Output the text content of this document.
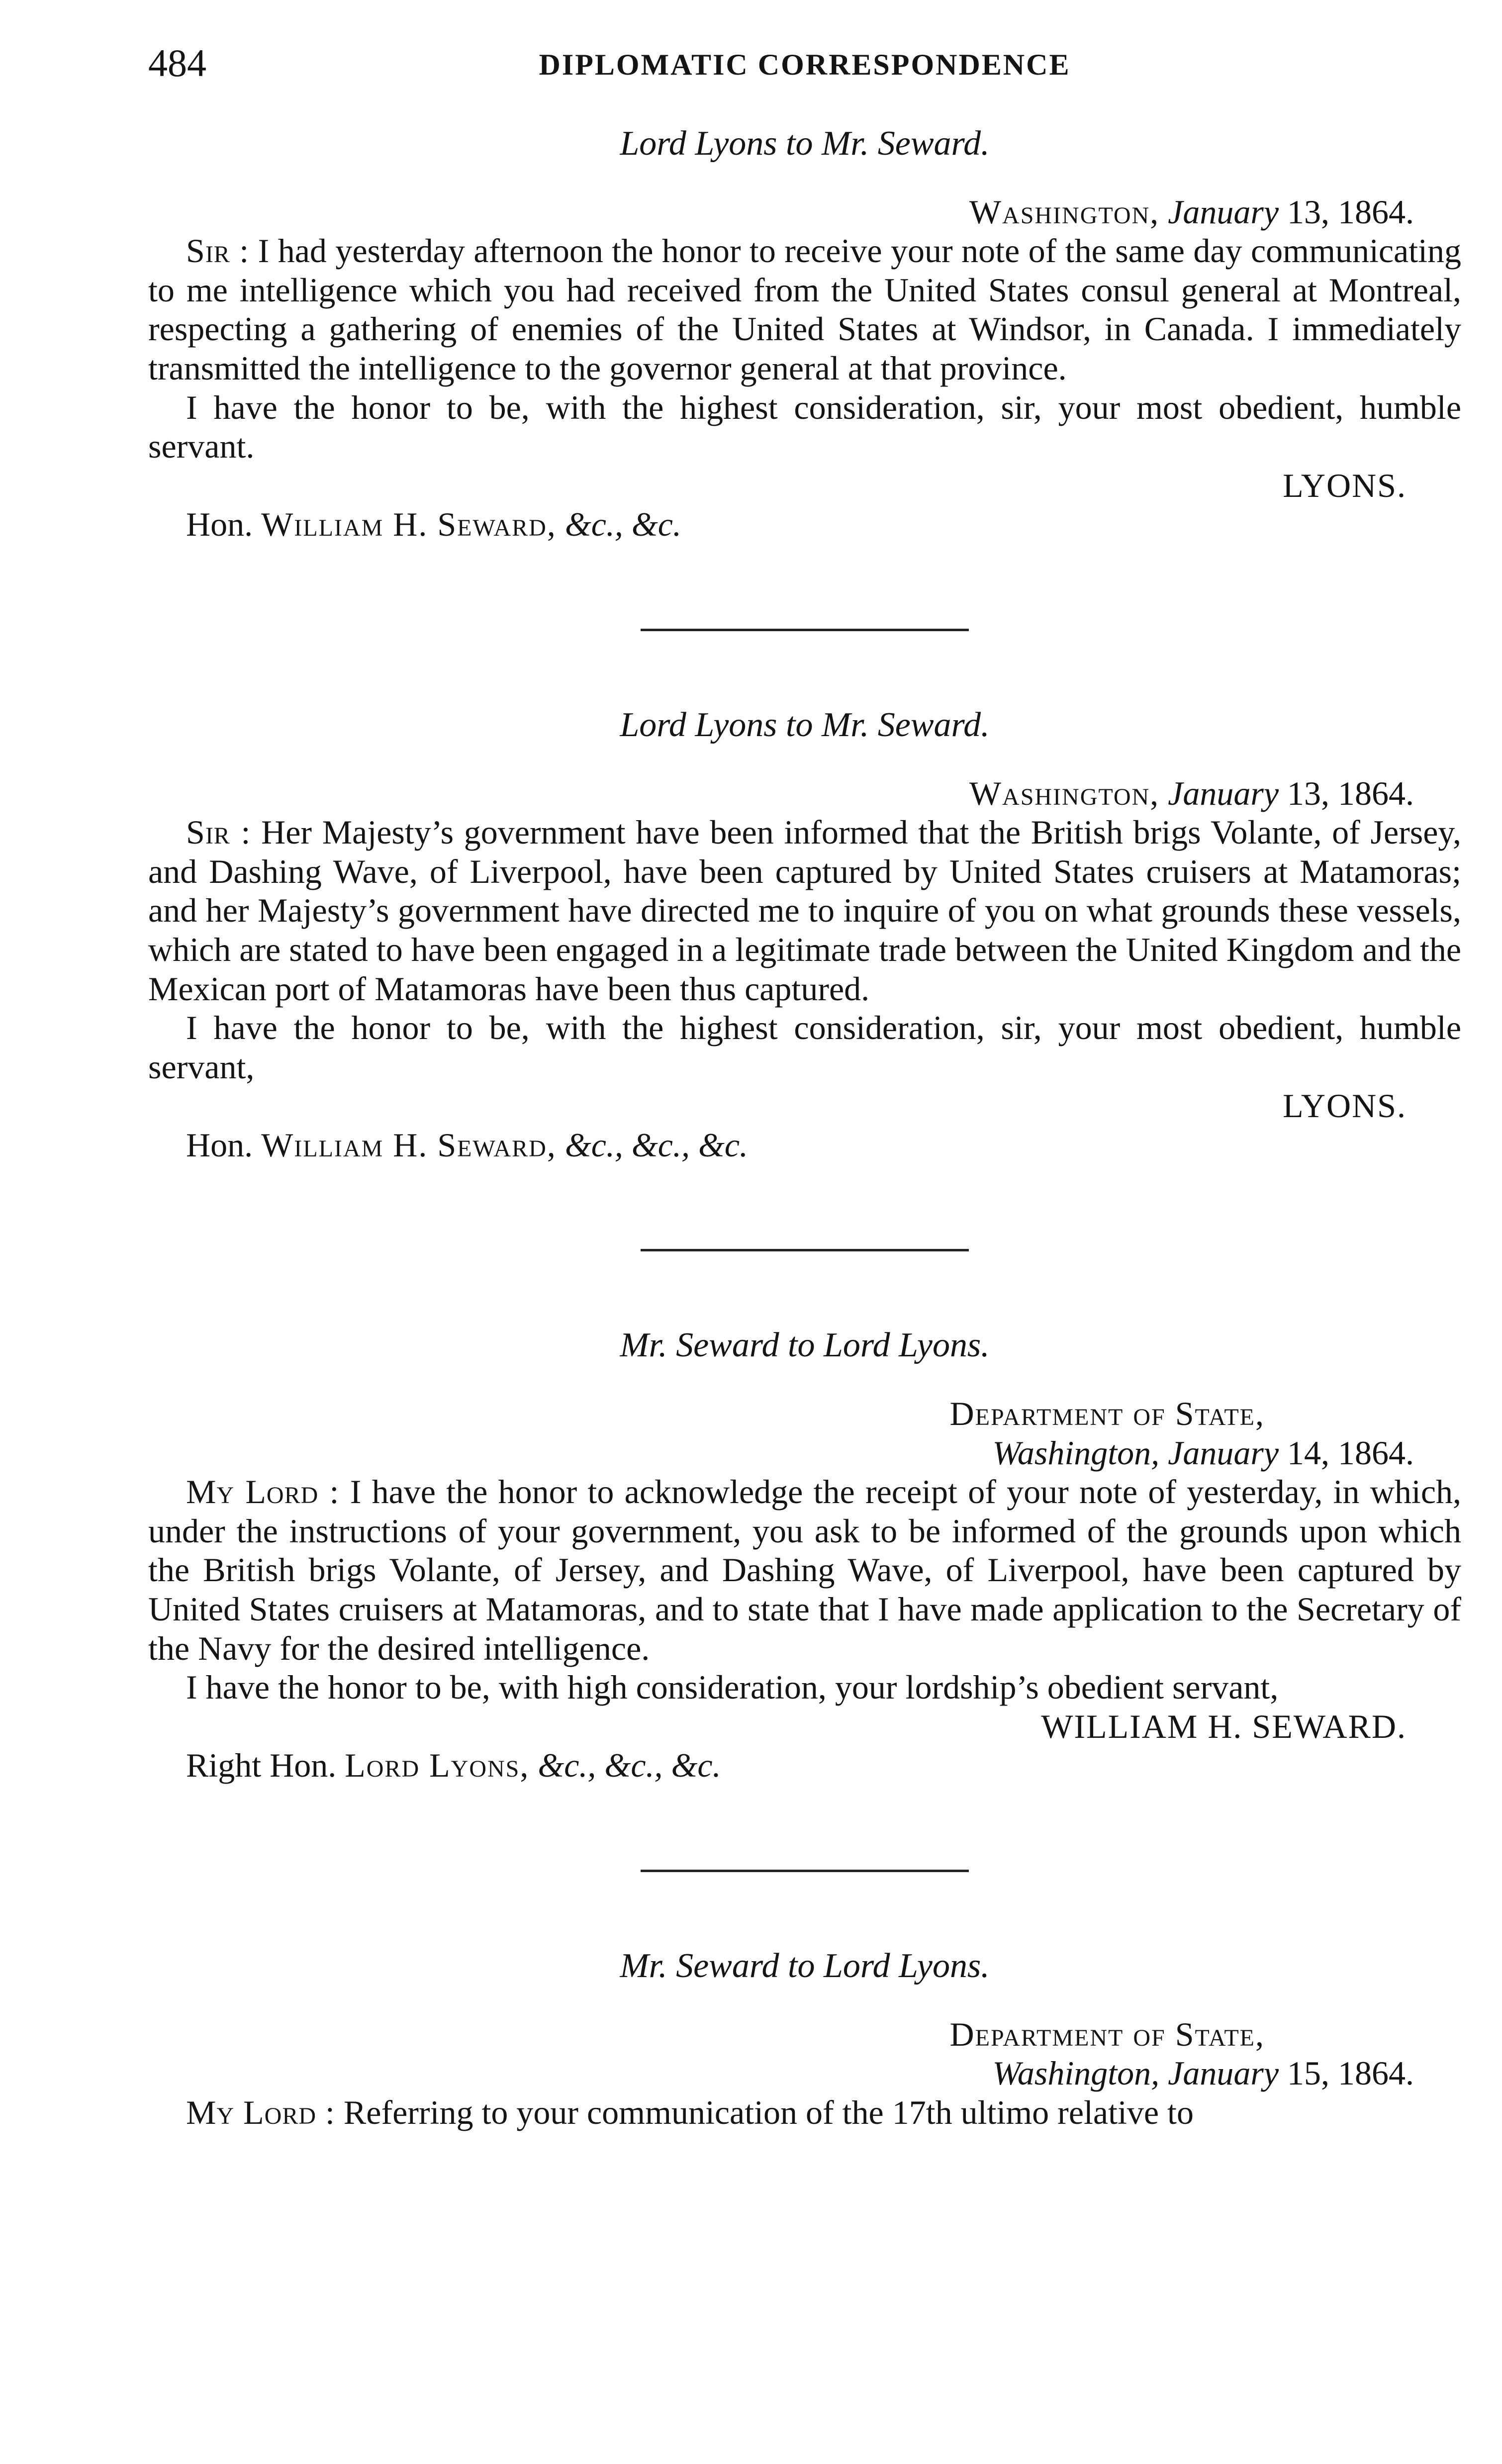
484	DIPLOMATIC CORRESPONDENCE

Lord Lyons to Mr. Seward.

Washington, January 13, 1864.

Sir : I had yesterday afternoon the honor to receive your note of the same day communicating to me intelligence which you had received from the United States consul general at Montreal, respecting a gathering of enemies of the United States at Windsor, in Canada. I immediately transmitted the intelligence to the governor general at that province.

I have the honor to be, with the highest consideration, sir, your most obedient, humble servant.

LYONS.

Hon. William H. Seward, &c., &c.

Lord Lyons to Mr. Seward.

Washington, January 13, 1864.

Sir : Her Majesty’s government have been informed that the British brigs Volante, of Jersey, and Dashing Wave, of Liverpool, have been captured by United States cruisers at Matamoras; and her Majesty’s government have directed me to inquire of you on what grounds these vessels, which are stated to have been engaged in a legitimate trade between the United Kingdom and the Mexican port of Matamoras have been thus captured.

I have the honor to be, with the highest consideration, sir, your most obedient, humble servant,

LYONS.

Hon. William H. Seward, &c., &c., &c.

Mr. Seward to Lord Lyons.

Department of State,

Washington, January 14, 1864.

My Lord : I have the honor to acknowledge the receipt of your note of yesterday, in which, under the instructions of your government, you ask to be informed of the grounds upon which the British brigs Volante, of Jersey, and Dashing Wave, of Liverpool, have been captured by United States cruisers at Matamoras, and to state that I have made application to the Secretary of the Navy for the desired intelligence.

I have the honor to be, with high consideration, your lordship’s obedient servant,

WILLIAM H. SEWARD.

Right Hon. Lord Lyons, &c., &c., &c.

Mr. Seward to Lord Lyons.

Department of State,

Washington, January 15, 1864.

My Lord : Referring to your communication of the 17th ultimo relative to
